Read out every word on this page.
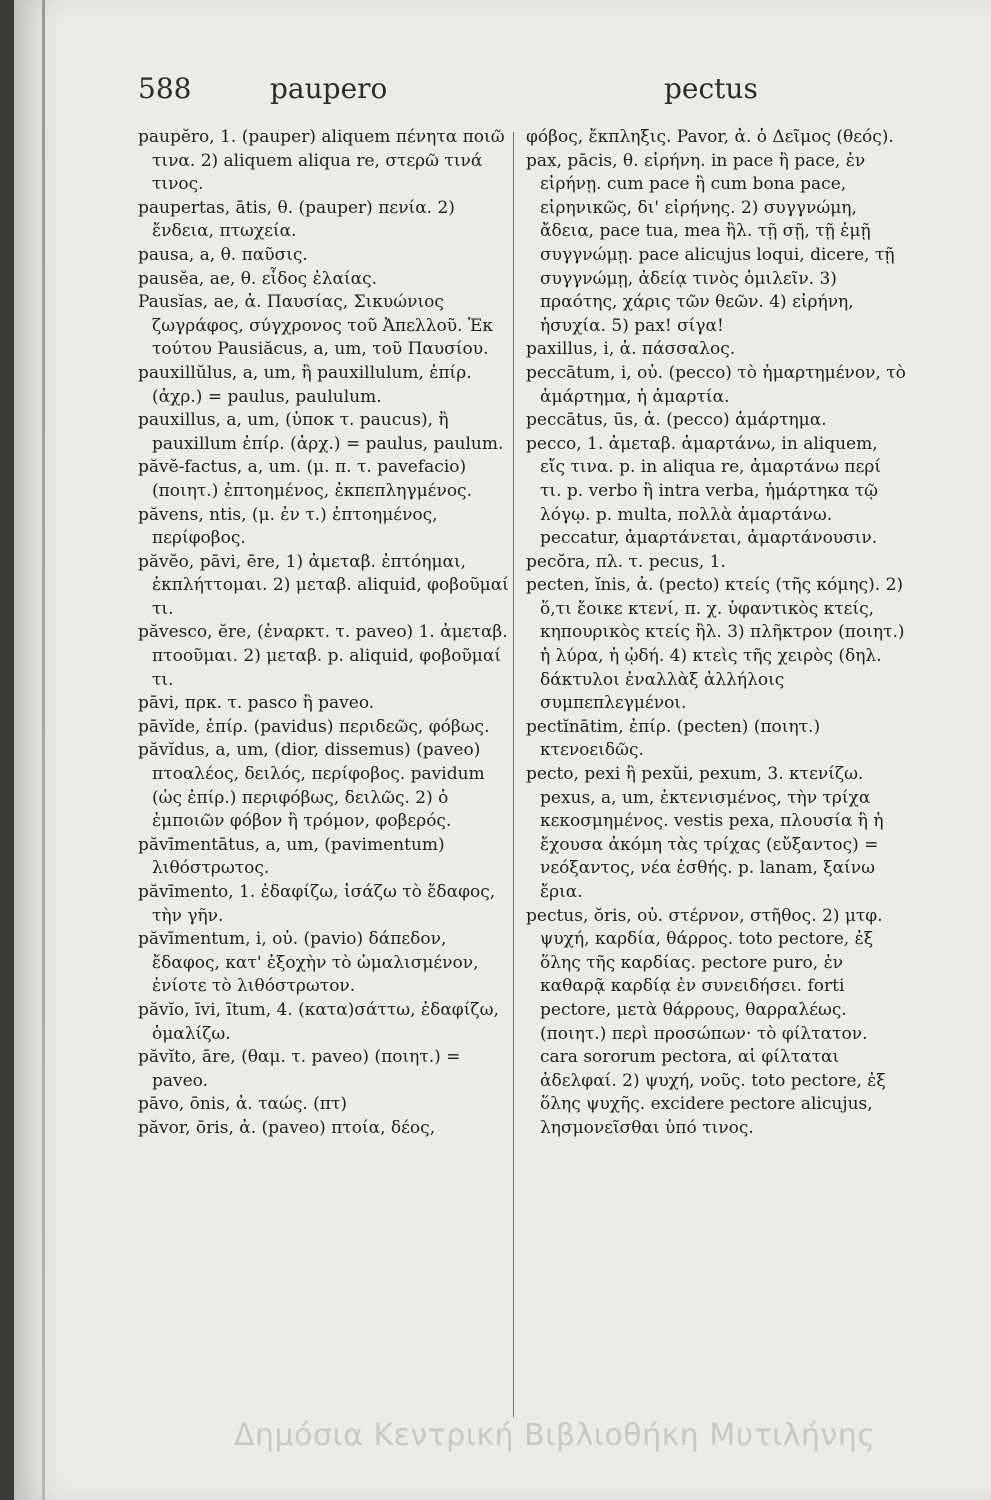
588	paupero	pectus

paupĕro, 1. (pauper) aliquem πένητα ποιῶ τινα. 2) aliquem aliqua re, στερῶ τινά τινος.

paupertas, ātis, θ. (pauper) πενία. 2) ἔνδεια, πτωχεία.

pausa, a, θ. παῦσις.

pausĕa, ae, θ. εἶδος ἐλαίας.

Pausĭas, ae, ἀ. Παυσίας, Σικυώνιος ζωγράφος, σύγχρονος τοῦ Ἀπελλοῦ. Ἐκ τούτου Pausiăcus, a, um, τοῦ Παυσίου.

pauxillŭlus, a, um, ἢ pauxillulum, ἐπίρ. (ἀχρ.) = paulus, paululum.

pauxillus, a, um, (ὑποκ τ. paucus), ἢ pauxillum ἐπίρ. (ἀρχ.) = paulus, paulum.

păvĕ-factus, a, um. (μ. π. τ. pavefacio) (ποιητ.) ἐπτοημένος, ἐκπεπληγμένος.

păvens, ntis, (μ. ἐν τ.) ἐπτοημένος, περίφοβος.

păvĕo, pāvi, ēre, 1) ἀμεταβ. ἐπτόημαι, ἐκπλήττομαι. 2) μεταβ. aliquid, φοβοῦμαί τι.

păvesco, ĕre, (ἐναρκτ. τ. paveo) 1. ἀμεταβ. πτοοῦμαι. 2) μεταβ. p. aliquid, φοβοῦμαί τι.

pāvi, πρκ. τ. pasco ἢ paveo.

pāvĭde, ἐπίρ. (pavidus) περιδεῶς, φόβως.

păvĭdus, a, um, (dior, dissemus) (paveo) πτοαλέος, δειλός, περίφοβος. pavidum (ὡς ἐπίρ.) περιφόβως, δειλῶς. 2) ὁ ἐμποιῶν φόβον ἢ τρόμον, φοβερός.

păvīmentātus, a, um, (pavimentum) λιθόστρωτος.

păvīmento, 1. ἐδαφίζω, ἰσάζω τὸ ἔδαφος, τὴν γῆν.

păvīmentum, i, οὐ. (pavio) δάπεδον, ἔδαφος, κατ' ἐξοχὴν τὸ ὡμαλισμένον, ἐνίοτε τὸ λιθόστρωτον.

păvĭo, īvi, ītum, 4. (κατα)σάττω, ἐδαφίζω, ὁμαλίζω.

păvĭto, āre, (θαμ. τ. paveo) (ποιητ.) = paveo.

pāvo, ōnis, ἀ. ταώς. (πτ)

păvor, ōris, ἀ. (paveo) πτοία, δέος,

φόβος, ἔκπληξις. Pavor, ἀ. ὁ Δεῖμος (θεός).

pax, pācis, θ. εἰρήνη. in pace ἢ pace, ἐν εἰρήνῃ. cum pace ἢ cum bona pace, εἰρηνικῶς, δι' εἰρήνης. 2) συγγνώμη, ἄδεια, pace tua, mea ἢλ. τῇ σῇ, τῇ ἐμῇ συγγνώμῃ. pace alicujus loqui, dicere, τῇ συγγνώμῃ, ἀδείᾳ τινὸς ὁμιλεῖν. 3) πραότης, χάρις τῶν θεῶν. 4) εἰρήνη, ἡσυχία. 5) pax! σίγα!

paxillus, i, ἀ. πάσσαλος.

peccātum, i, οὐ. (pecco) τὸ ἡμαρτημένον, τὸ ἁμάρτημα, ἡ ἁμαρτία.

peccātus, ūs, ἀ. (pecco) ἁμάρτημα.

pecco, 1. ἀμεταβ. ἁμαρτάνω, in aliquem, εἴς τινα. p. in aliqua re, ἁμαρτάνω περί τι. p. verbo ἢ intra verba, ἡμάρτηκα τῷ λόγῳ. p. multa, πολλὰ ἁμαρτάνω. peccatur, ἁμαρτάνεται, ἁμαρτάνουσιν.

pecŏra, πλ. τ. pecus, 1.

pecten, ĭnis, ἀ. (pecto) κτείς (τῆς κόμης). 2) ὅ,τι ἔοικε κτενί, π. χ. ὑφαντικὸς κτείς, κηπουρικὸς κτείς ἢλ. 3) πλῆκτρον (ποιητ.) ἡ λύρα, ἡ ᾠδή. 4) κτεὶς τῆς χειρὸς (δηλ. δάκτυλοι ἐναλλὰξ ἀλλήλοις συμπεπλεγμένοι.

pectĭnātim, ἐπίρ. (pecten) (ποιητ.) κτενοειδῶς.

pecto, pexi ἢ pexŭi, pexum, 3. κτενίζω. pexus, a, um, ἐκτενισμένος, τὴν τρίχα κεκοσμημένος. vestis pexa, πλουσία ἢ ἡ ἔχουσα ἀκόμη τὰς τρίχας (εὔξαντος) = νεόξαντος, νέα ἐσθής. p. lanam, ξαίνω ἔρια.

pectus, ŏris, οὐ. στέρνον, στῆθος. 2) μτφ. ψυχή, καρδία, θάρρος. toto pectore, ἐξ ὅλης τῆς καρδίας. pectore puro, ἐν καθαρᾷ καρδίᾳ ἐν συνειδήσει. forti pectore, μετὰ θάρρους, θαρραλέως. (ποιητ.) περὶ προσώπων· τὸ φίλτατον. cara sororum pectora, αἱ φίλταται ἀδελφαί. 2) ψυχή, νοῦς. toto pectore, ἐξ ὅλης ψυχῆς. excidere pectore alicujus, λησμονεῖσθαι ὑπό τινος.

Δημόσια Κεντρική Βιβλιοθήκη Μυτιλήνης
